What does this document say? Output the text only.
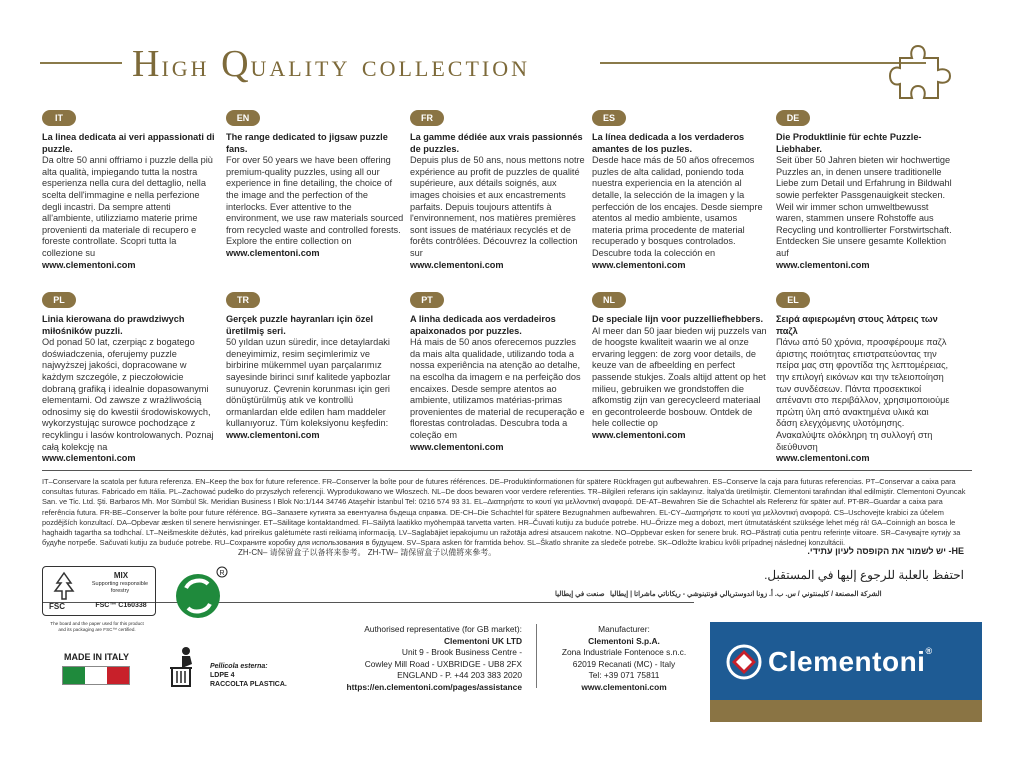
HIGH QUALITY COLLECTION
IT
La linea dedicata ai veri appassionati di puzzle.
Da oltre 50 anni offriamo i puzzle della più alta qualità, impiegando tutta la nostra esperienza nella cura del dettaglio, nella scelta dell'immagine e nella perfezione degli incastri. Da sempre attenti all'ambiente, utilizziamo materie prime provenienti da materiale di recupero e foreste controllate. Scopri tutta la collezione su
www.clementoni.com
EN
The range dedicated to jigsaw puzzle fans.
For over 50 years we have been offering premium-quality puzzles, using all our experience in fine detailing, the choice of the image and the perfection of the interlocks. Ever attentive to the environment, we use raw materials sourced from recycled waste and controlled forests. Explore the entire collection on
www.clementoni.com
FR
La gamme dédiée aux vrais passionnés de puzzles.
Depuis plus de 50 ans, nous mettons notre expérience au profit de puzzles de qualité supérieure, aux détails soignés, aux images choisies et aux encastrements parfaits. Depuis toujours attentifs à l'environnement, nos matières premières sont issues de matériaux recyclés et de forêts contrôlées. Découvrez la collection sur
www.clementoni.com
ES
La línea dedicada a los verdaderos amantes de los puzles.
Desde hace más de 50 años ofrecemos puzles de alta calidad, poniendo toda nuestra experiencia en la atención al detalle, la selección de la imagen y la perfección de los encajes. Desde siempre atentos al medio ambiente, usamos materia prima procedente de material recuperado y bosques controlados. Descubre toda la colección en
www.clementoni.com
DE
Die Produktlinie für echte Puzzle-Liebhaber.
Seit über 50 Jahren bieten wir hochwertige Puzzles an, in denen unsere traditionelle Liebe zum Detail und Erfahrung in Bildwahl sowie perfekter Passgenauigkeit stecken. Weil wir immer schon umweltbewusst waren, stammen unsere Rohstoffe aus Recycling und kontrollierter Forstwirtschaft. Entdecken Sie unsere gesamte Kollektion auf
www.clementoni.com
PL
Linia kierowana do prawdziwych miłośników puzzli.
Od ponad 50 lat, czerpiąc z bogatego doświadczenia, oferujemy puzzle najwyższej jakości, dopracowane w każdym szczególe, z pieczołowicie dobraną grafiką i idealnie dopasowanymi elementami. Od zawsze z wrażliwością odnosimy się do kwestii środowiskowych, wykorzystując surowce pochodzące z recyklingu i lasów kontrolowanych. Poznaj całą kolekcję na
www.clementoni.com
TR
Gerçek puzzle hayranları için özel üretilmiş seri.
50 yıldan uzun süredir, ince detaylardaki deneyimimiz, resim seçimlerimiz ve birbirine mükemmel uyan parçalarımız sayesinde birinci sınıf kalitede yapbozlar sunuyoruz. Çevrenin korunması için geri dönüştürülmüş atık ve kontrollü ormanlardan elde edilen ham maddeler kullanıyoruz. Tüm koleksiyonu keşfedin:
www.clementoni.com
PT
A linha dedicada aos verdadeiros apaixonados por puzzles.
Há mais de 50 anos oferecemos puzzles da mais alta qualidade, utilizando toda a nossa experiência na atenção ao detalhe, na escolha da imagem e na perfeição dos encaixes. Desde sempre atentos ao ambiente, utilizamos matérias-primas provenientes de material de recuperação e florestas controladas. Descubra toda a coleção em
www.clementoni.com
NL
De speciale lijn voor puzzelliefhebbers.
Al meer dan 50 jaar bieden wij puzzels van de hoogste kwaliteit waarin we al onze ervaring leggen: de zorg voor details, de keuze van de afbeelding en perfect passende stukjes. Zoals altijd attent op het milieu, gebruiken we grondstoffen die afkomstig zijn van gerecycleerd materiaal en gecontroleerde bosbouw. Ontdek de hele collectie op
www.clementoni.com
EL
Σειρά αφιερωμένη στους λάτρεις των παζλ
Πάνω από 50 χρόνια, προσφέρουμε παζλ άριστης ποιότητας επιστρατεύοντας την πείρα μας στη φροντίδα της λεπτομέρειας, την επιλογή εικόνων και την τελειοποίηση των συνδέσεων. Πάντα προσεκτικοί απέναντι στο περιβάλλον, χρησιμοποιούμε πρώτη ύλη από ανακτημένα υλικά και δάση ελεγχόμενης υλοτόμησης. Ανακαλύψτε ολόκληρη τη συλλογή στη διεύθυνση
www.clementoni.com
IT–Conservare la scatola per futura referenza. EN–Keep the box for future reference. FR–Conserver la boîte pour de futures références. DE–Produktinformationen für spätere Rückfragen gut aufbewahren. ES–Conserve la caja para futuras referencias. PT–Conservar a caixa para consultas futuras. Fabricado em Itália. PL–Zachować pudełko do przyszłych referencji. Wyprodukowano we Włoszech. NL–De doos bewaren voor verdere referenties. TR–Bilgileri referans için saklayınız. İtalya'da üretilmiştir. Clementoni tarafından ithal edilmiştir. Clementoni Oyuncak San. ve Tic. Ltd. Şti. Barbaros Mh. Mor Sümbül Sk. Meridian Business I Blok No:1/144 34746 Ataşehir İstanbul Tel: 0216 574 93 31. EL–Διατηρήστε το κουτί για μελλοντική αναφορά. DE-AT–Bewahren Sie die Schachtel als Referenz für später auf. PT-BR–Guardar a caixa para referência futura. FR-BE–Conserver la boîte pour future référence. BG–Запазете кутията за евентуална бъдеща справка. DE-CH–Die Schachtel für spätere Bezugnahmen aufbewahren. EL-CY–Διατηρήστε το κουτί για μελλοντική αναφορά. CS–Uschovejte krabici za účelem pozdějších konzultací. DA–Opbevar æsken til senere henvisninger. ET–Säilitage kontaktandmed. FI–Säilytä laatikko myöhempää tarvetta varten. HR–Čuvati kutiju za buduće potrebe. HU–Őrizze meg a dobozt, mert útmutatásként szüksége lehet még rá! GA–Coinnigh an bosca le haghaidh tagartha sa todhchaí. LT–Neišmeskite dėžutės, kad prireikus galėtumėte rasti reikiamą informaciją. LV–Saglabājiet iepakojumu un ražotāja adresi atsaucem nakotne. NO–Oppbevar esken for senere bruk. RO–Păstrați cutia pentru referințe viitoare. SR–Сачувајте кутију за будуће потребе. Sačuvati kutiju za buduće potrebe. RU–Сохраните коробку для использования в будущем. SV–Spara asken för framtida behov. SL–Škatlo shranite za sledeče potrebe. SK–Odložte krabicu kvôli prípadnej následnej konzultácii.
ZH-CN– 请保留盒子以备将来参考。 ZH-TW– 請保留盒子以備將來參考。	HE- יש לשמור את הקופסה לעיון עתידי.
احتفظ بالعلبة للرجوع إليها في المستقبل.
الشركة المصنعة / كليمنتوني / س. ب. أ. زونا اندوستريالي فونتينوشي - ريكاناتي ماشراتا | إيطاليا
صنعت في إيطاليا
FSC
MIX
Supporting responsible forestry
FSC™ C160338
The board and the paper used for this product and its packaging are FSC™ certified.
R
MADE IN ITALY
Pellicola esterna:
LDPE 4
RACCOLTA PLASTICA.
Authorised representative (for GB market):
Clementoni UK LTD
Unit 9 - Brook Business Centre -
Cowley Mill Road - UXBRIDGE - UB8 2FX
ENGLAND - P. +44 203 383 2020
https://en.clementoni.com/pages/assistance
Manufacturer:
Clementoni S.p.A.
Zona Industriale Fontenoce s.n.c.
62019 Recanati (MC) - Italy
Tel: +39 071 75811
www.clementoni.com
Clementoni®
